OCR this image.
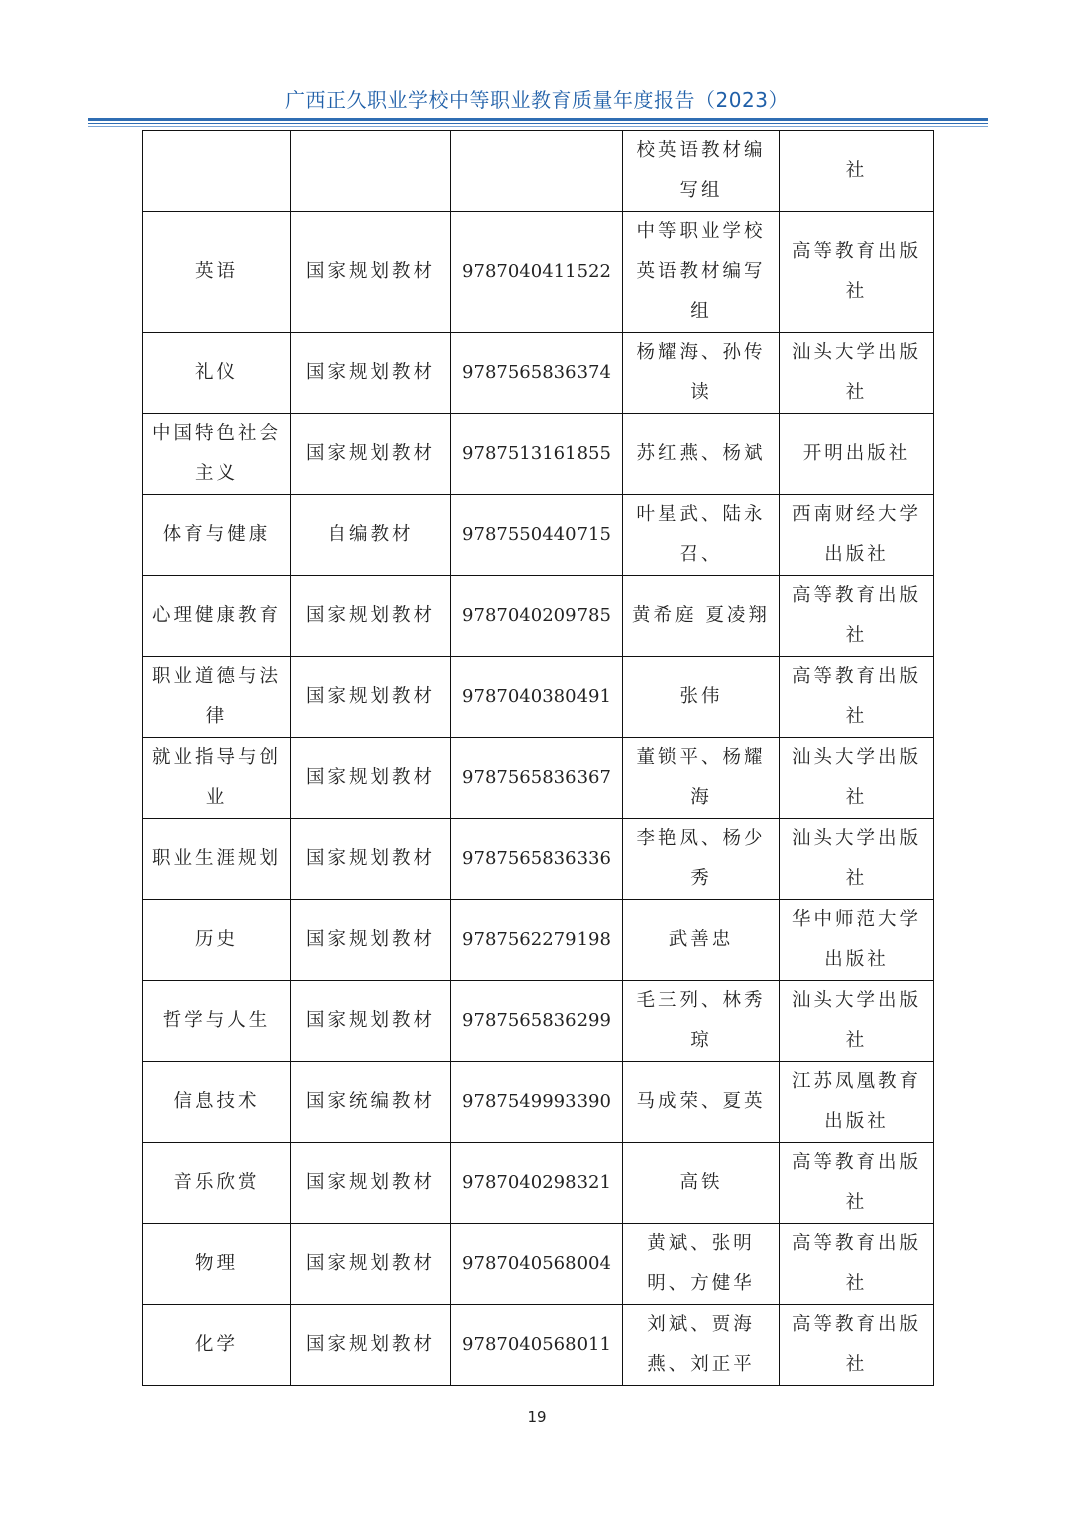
广西正久职业学校中等职业教育质量年度报告（2023）
			校英语教材编写组	社
英语	国家规划教材	9787040411522	中等职业学校英语教材编写组	高等教育出版社
礼仪	国家规划教材	9787565836374	杨耀海、孙传读	汕头大学出版社
中国特色社会主义	国家规划教材	9787513161855	苏红燕、杨斌	开明出版社
体育与健康	自编教材	9787550440715	叶星武、陆永召、	西南财经大学出版社
心理健康教育	国家规划教材	9787040209785	黄希庭 夏凌翔	高等教育出版社
职业道德与法律	国家规划教材	9787040380491	张伟	高等教育出版社
就业指导与创业	国家规划教材	9787565836367	董锁平、杨耀海	汕头大学出版社
职业生涯规划	国家规划教材	9787565836336	李艳凤、杨少秀	汕头大学出版社
历史	国家规划教材	9787562279198	武善忠	华中师范大学出版社
哲学与人生	国家规划教材	9787565836299	毛三列、林秀琼	汕头大学出版社
信息技术	国家统编教材	9787549993390	马成荣、夏英	江苏凤凰教育出版社
音乐欣赏	国家规划教材	9787040298321	高铁	高等教育出版社
物理	国家规划教材	9787040568004	黄斌、张明明、方健华	高等教育出版社
化学	国家规划教材	9787040568011	刘斌、贾海燕、刘正平	高等教育出版社
19
